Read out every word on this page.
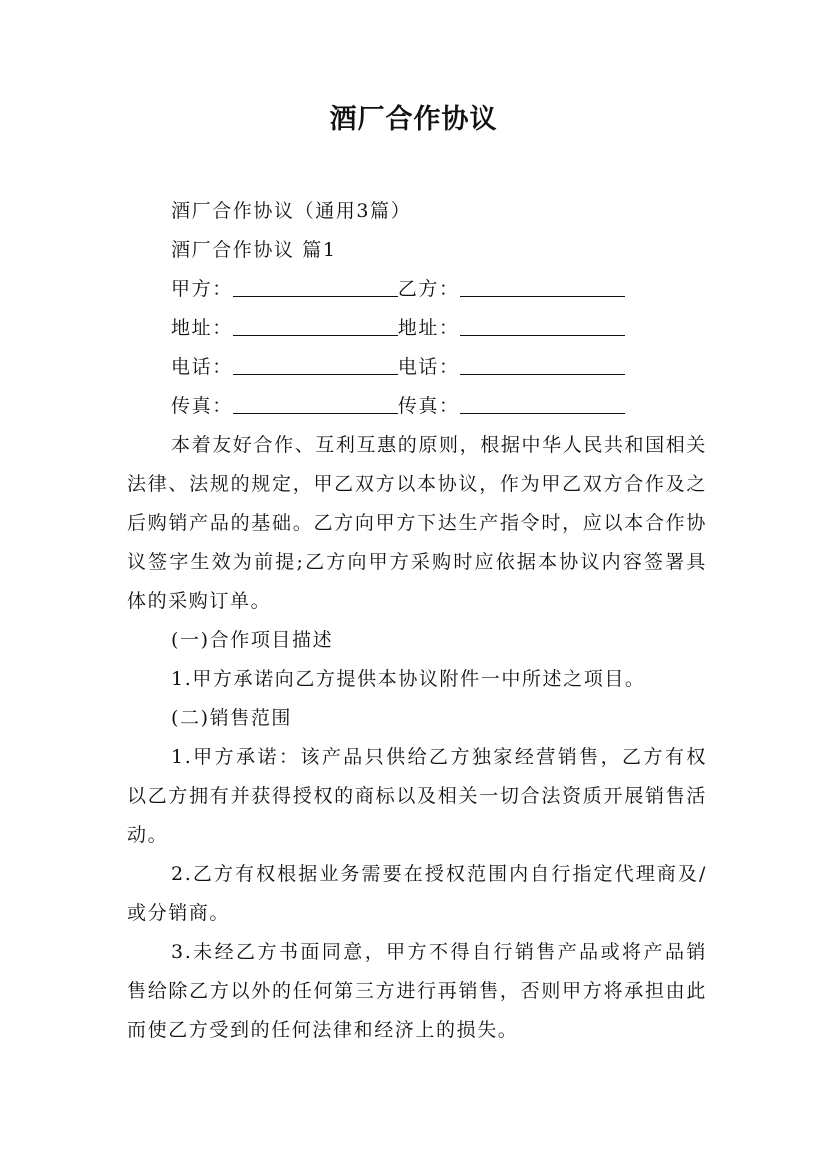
酒厂合作协议

酒厂合作协议（通用3篇）

酒厂合作协议 篇1

甲方：	乙方：
地址：	地址：
电话：	电话：
传真：	传真：

本着友好合作、互利互惠的原则，根据中华人民共和国相关法律、法规的规定，甲乙双方以本协议，作为甲乙双方合作及之后购销产品的基础。乙方向甲方下达生产指令时，应以本合作协议签字生效为前提;乙方向甲方采购时应依据本协议内容签署具体的采购订单。

(一)合作项目描述

1.甲方承诺向乙方提供本协议附件一中所述之项目。

(二)销售范围

1.甲方承诺：该产品只供给乙方独家经营销售，乙方有权以乙方拥有并获得授权的商标以及相关一切合法资质开展销售活动。

2.乙方有权根据业务需要在授权范围内自行指定代理商及/或分销商。

3.未经乙方书面同意，甲方不得自行销售产品或将产品销售给除乙方以外的任何第三方进行再销售，否则甲方将承担由此而使乙方受到的任何法律和经济上的损失。
